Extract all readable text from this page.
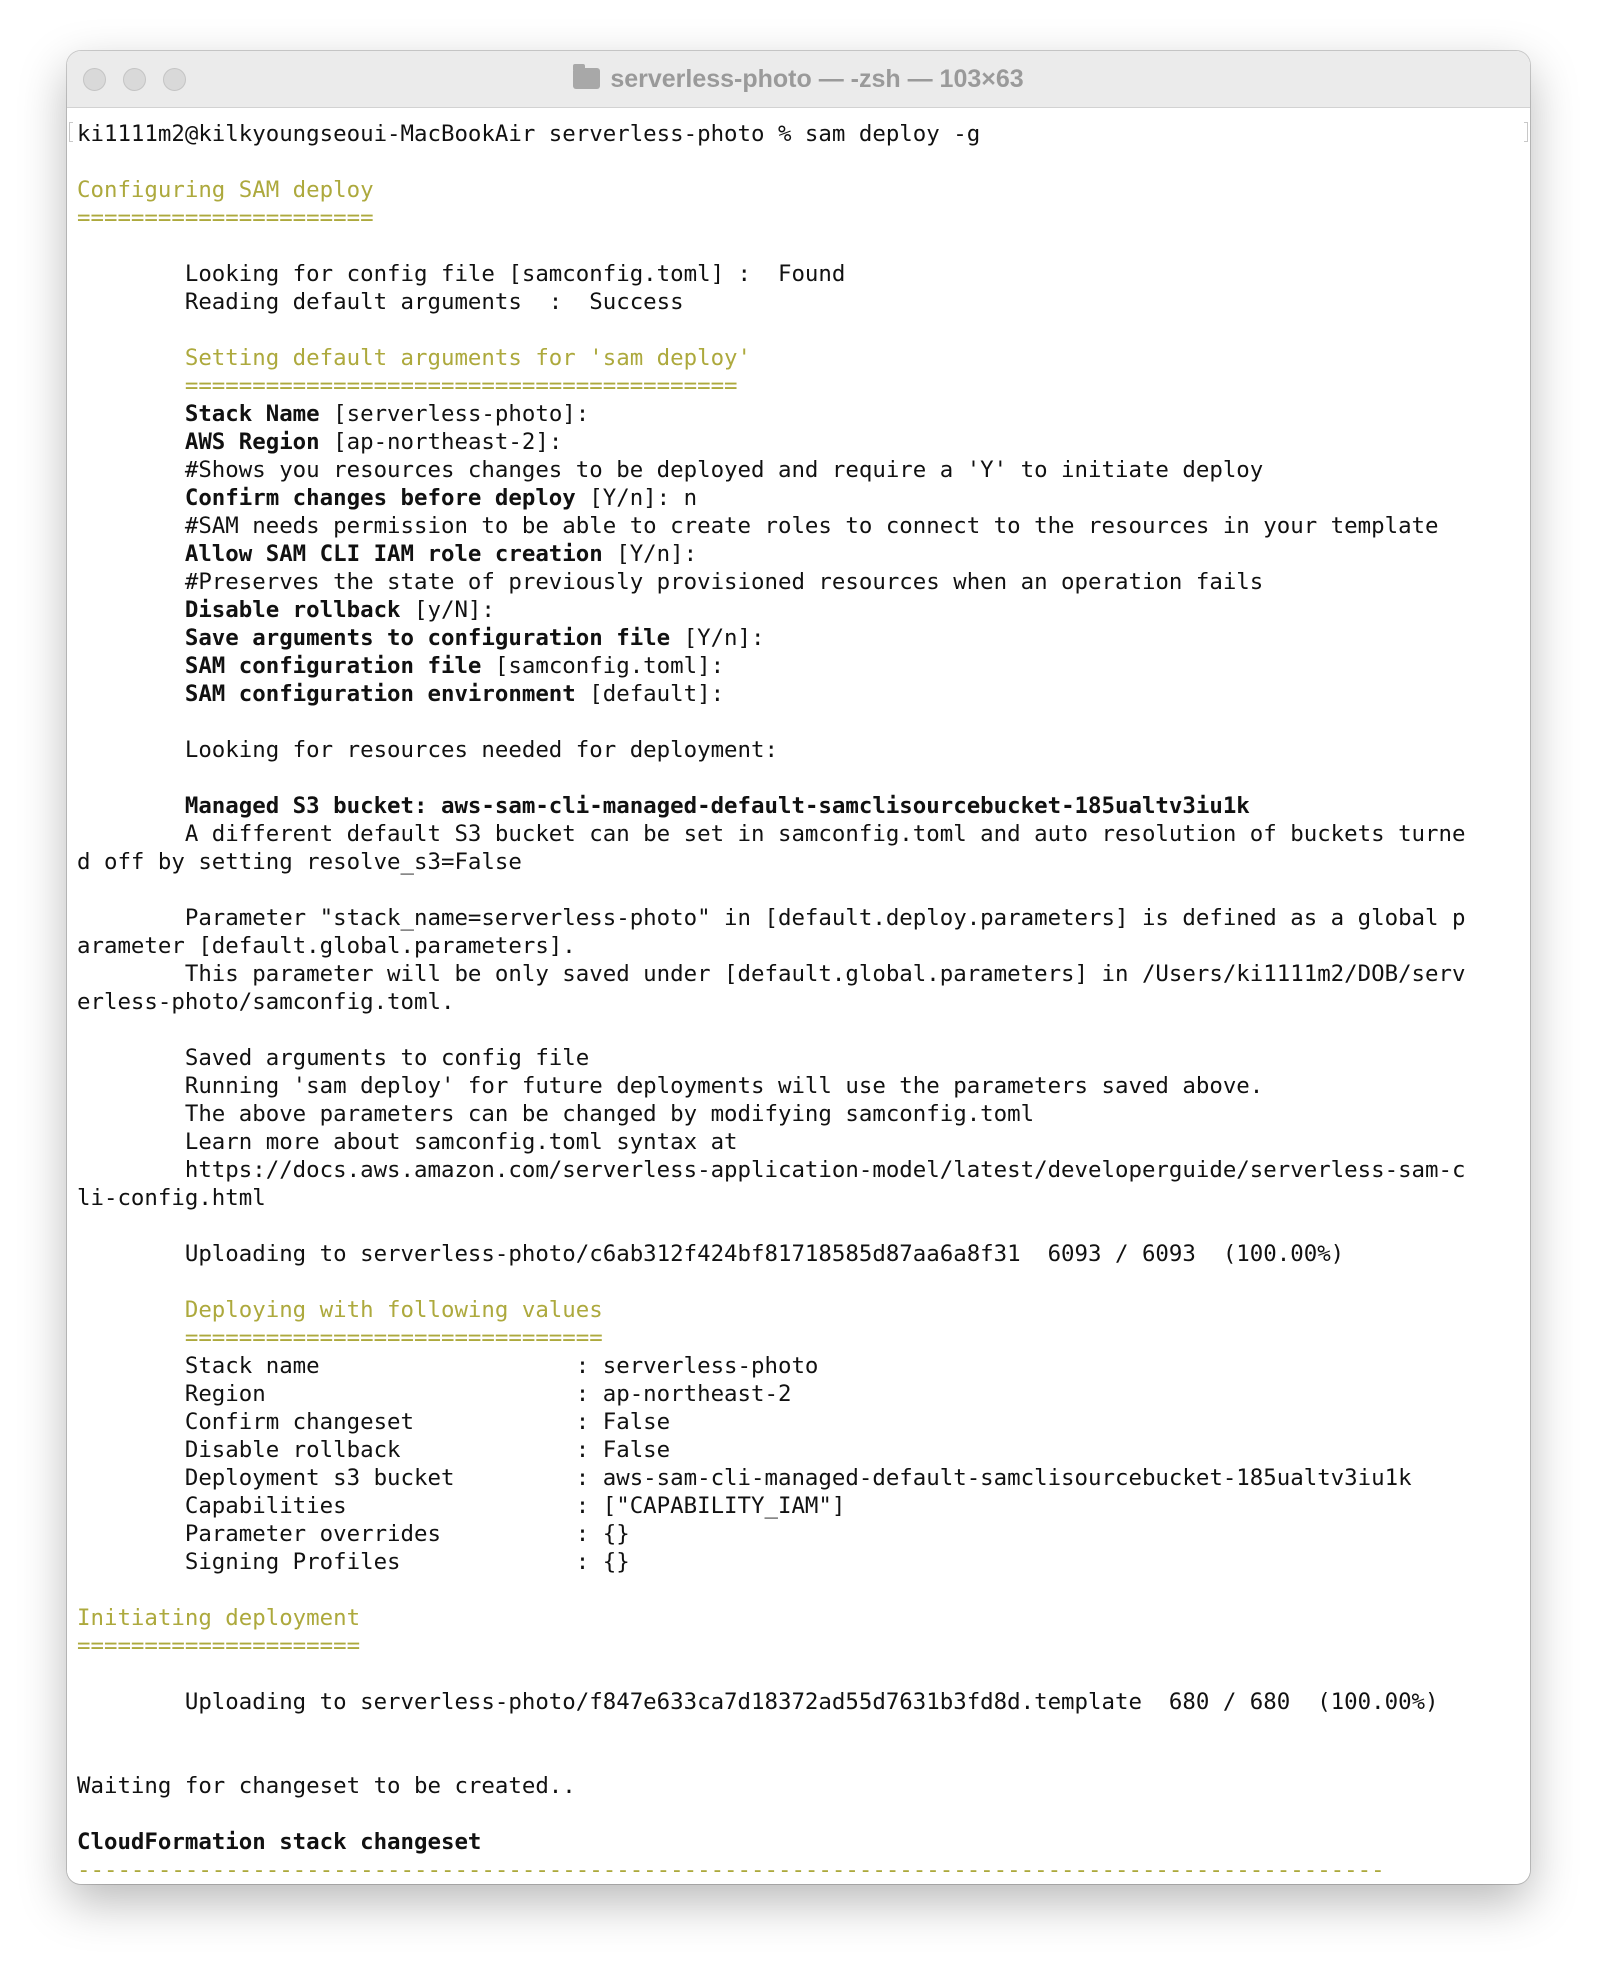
serverless-photo — -zsh — 103×63
ki1111m2@kilkyoungseoui-MacBookAir serverless-photo % sam deploy -g
Configuring SAM deploy
======================
Looking for config file [samconfig.toml] :  Found
Reading default arguments  :  Success
Setting default arguments for 'sam deploy'
=========================================
Stack Name [serverless-photo]:
AWS Region [ap-northeast-2]:
#Shows you resources changes to be deployed and require a 'Y' to initiate deploy
Confirm changes before deploy [Y/n]: n
#SAM needs permission to be able to create roles to connect to the resources in your template
Allow SAM CLI IAM role creation [Y/n]:
#Preserves the state of previously provisioned resources when an operation fails
Disable rollback [y/N]:
Save arguments to configuration file [Y/n]:
SAM configuration file [samconfig.toml]:
SAM configuration environment [default]:
Looking for resources needed for deployment:
Managed S3 bucket: aws-sam-cli-managed-default-samclisourcebucket-185ualtv3iu1k
A different default S3 bucket can be set in samconfig.toml and auto resolution of buckets turne
d off by setting resolve_s3=False
Parameter "stack_name=serverless-photo" in [default.deploy.parameters] is defined as a global p
arameter [default.global.parameters].
This parameter will be only saved under [default.global.parameters] in /Users/ki1111m2/DOB/serv
erless-photo/samconfig.toml.
Saved arguments to config file
Running 'sam deploy' for future deployments will use the parameters saved above.
The above parameters can be changed by modifying samconfig.toml
Learn more about samconfig.toml syntax at
https://docs.aws.amazon.com/serverless-application-model/latest/developerguide/serverless-sam-c
li-config.html
Uploading to serverless-photo/c6ab312f424bf81718585d87aa6a8f31  6093 / 6093  (100.00%)
Deploying with following values
===============================
Stack name                   : serverless-photo
Region                       : ap-northeast-2
Confirm changeset            : False
Disable rollback             : False
Deployment s3 bucket         : aws-sam-cli-managed-default-samclisourcebucket-185ualtv3iu1k
Capabilities                 : ["CAPABILITY_IAM"]
Parameter overrides          : {}
Signing Profiles             : {}
Initiating deployment
=====================
Uploading to serverless-photo/f847e633ca7d18372ad55d7631b3fd8d.template  680 / 680  (100.00%)
Waiting for changeset to be created..
CloudFormation stack changeset
-------------------------------------------------------------------------------------------------
